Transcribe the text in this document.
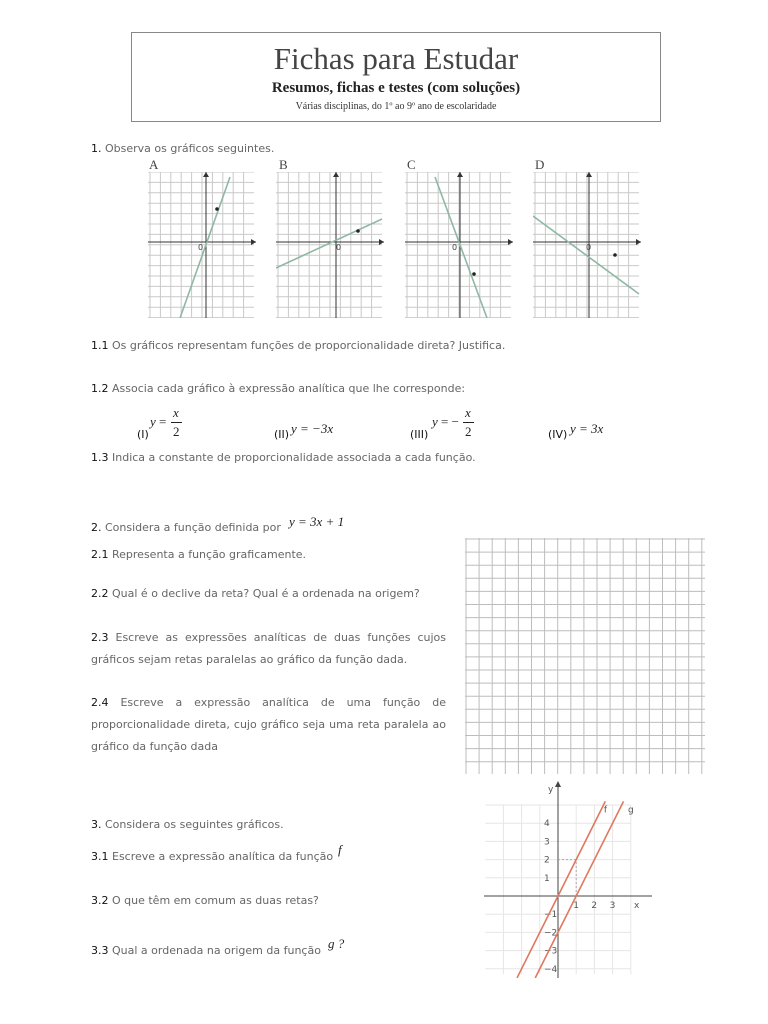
Fichas para Estudar
Resumos, fichas e testes (com soluções)
Várias disciplinas, do 1º ao 9º ano de escolaridade
1. Observa os gráficos seguintes.
A	B	C	D
0	0	0	0
1.1 Os gráficos representam funções de proporcionalidade direta? Justifica.
1.2 Associa cada gráfico à expressão analítica que lhe corresponde:
(I)
y =
x
2	(II) y = −3x	(III)
y = −
x
2	(IV) y = 3x
1.3 Indica a constante de proporcionalidade associada a cada função.
2. Considera a função definida por y = 3x + 1
2.1 Representa a função graficamente.
2.2 Qual é o declive da reta? Qual é a ordenada na origem?
2.3 Escreve as expressões analíticas de duas funções cujos gráficos sejam retas paralelas ao gráfico da função dada.
2.4 Escreve a expressão analítica de uma função de proporcionalidade direta, cujo gráfico seja uma reta paralela ao gráfico da função dada
3. Considera os seguintes gráficos.
3.1 Escreve a expressão analítica da função f
3.2 O que têm em comum as duas retas?
3.3 Qual a ordenada na origem da função g ?
1 2 3
4
3
2
1
−1
−2
−3
−4
x
y
f g
